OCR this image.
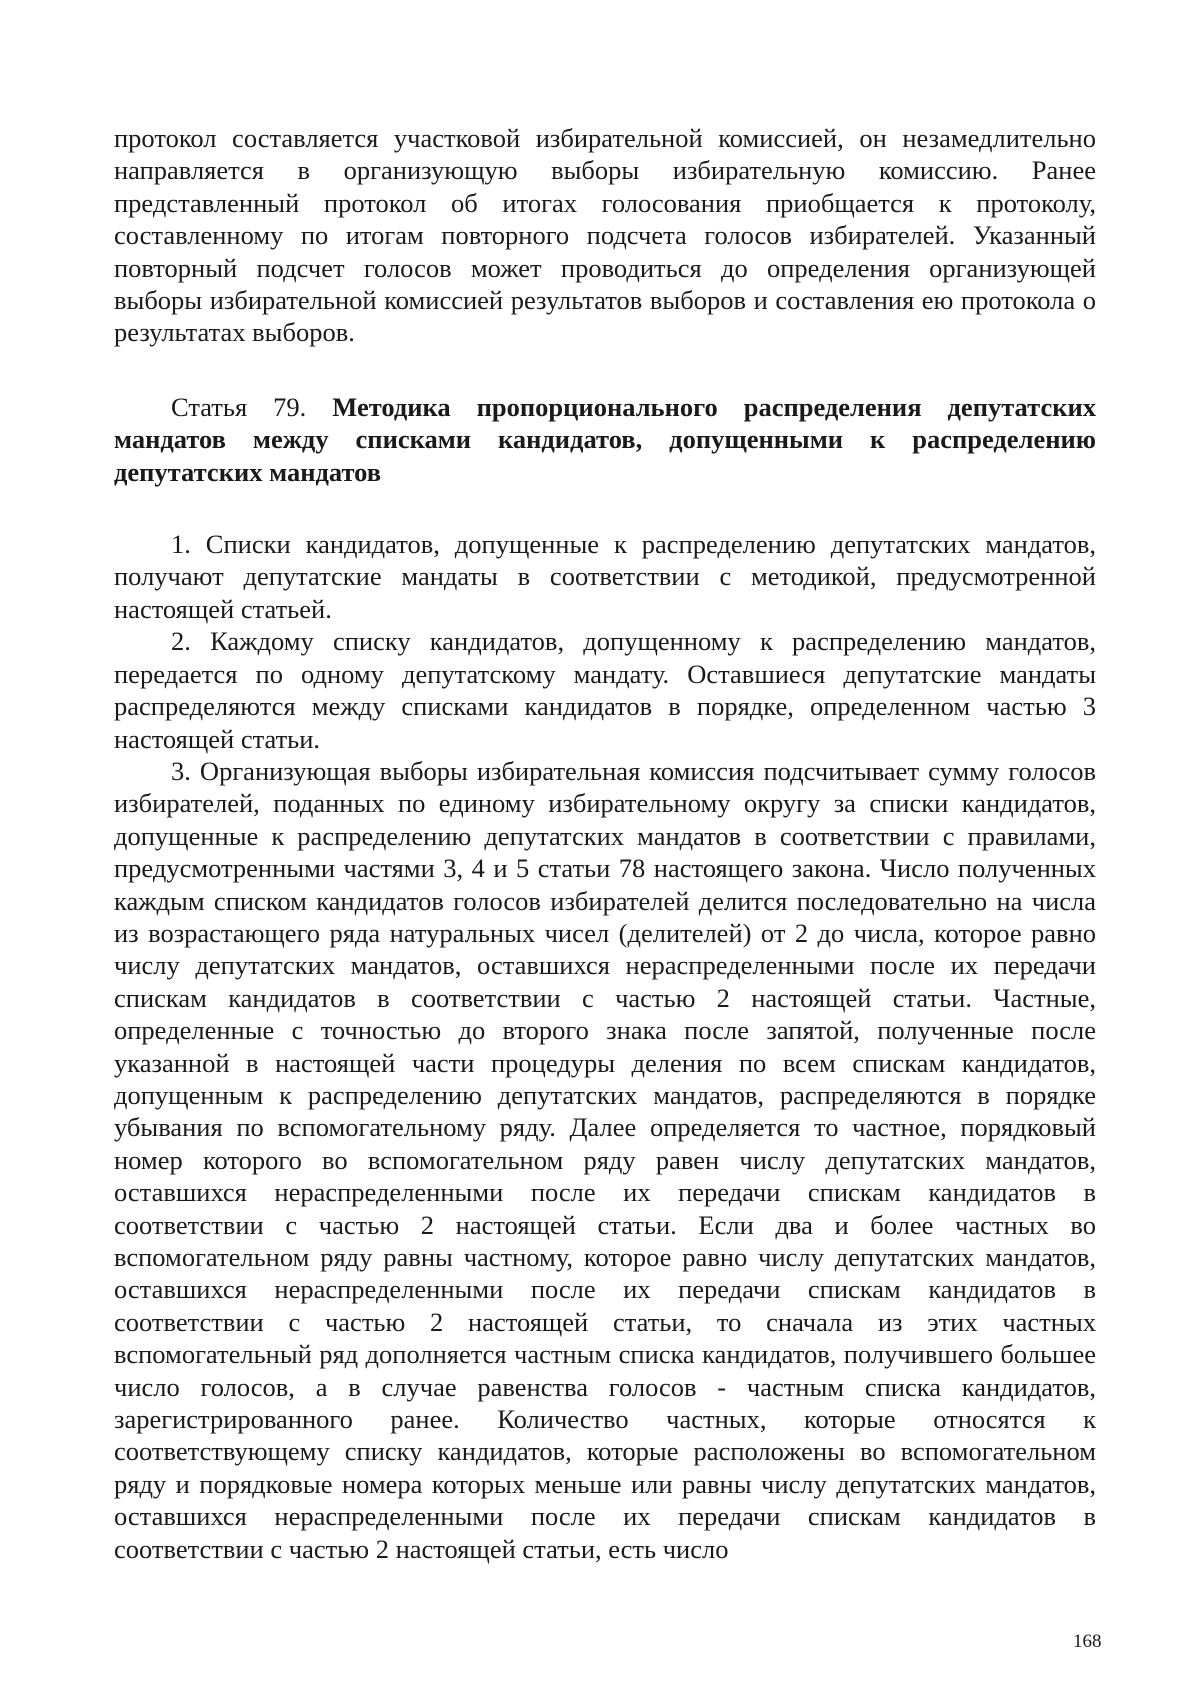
протокол составляется участковой избирательной комиссией, он незамедлительно направляется в организующую выборы избирательную комиссию. Ранее представленный протокол об итогах голосования приобщается к протоколу, составленному по итогам повторного подсчета голосов избирателей. Указанный повторный подсчет голосов может проводиться до определения организующей выборы избирательной комиссией результатов выборов и составления ею протокола о результатах выборов.

Статья 79. Методика пропорционального распределения депутатских мандатов между списками кандидатов, допущенными к распределению депутатских мандатов

1. Списки кандидатов, допущенные к распределению депутатских мандатов, получают депутатские мандаты в соответствии с методикой, предусмотренной настоящей статьей.

2. Каждому списку кандидатов, допущенному к распределению мандатов, передается по одному депутатскому мандату. Оставшиеся депутатские мандаты распределяются между списками кандидатов в порядке, определенном частью 3 настоящей статьи.

3. Организующая выборы избирательная комиссия подсчитывает сумму голосов избирателей, поданных по единому избирательному округу за списки кандидатов, допущенные к распределению депутатских мандатов в соответствии с правилами, предусмотренными частями 3, 4 и 5 статьи 78 настоящего закона. Число полученных каждым списком кандидатов голосов избирателей делится последовательно на числа из возрастающего ряда натуральных чисел (делителей) от 2 до числа, которое равно числу депутатских мандатов, оставшихся нераспределенными после их передачи спискам кандидатов в соответствии с частью 2 настоящей статьи. Частные, определенные с точностью до второго знака после запятой, полученные после указанной в настоящей части процедуры деления по всем спискам кандидатов, допущенным к распределению депутатских мандатов, распределяются в порядке убывания по вспомогательному ряду. Далее определяется то частное, порядковый номер которого во вспомогательном ряду равен числу депутатских мандатов, оставшихся нераспределенными после их передачи спискам кандидатов в соответствии с частью 2 настоящей статьи. Если два и более частных во вспомогательном ряду равны частному, которое равно числу депутатских мандатов, оставшихся нераспределенными после их передачи спискам кандидатов в соответствии с частью 2 настоящей статьи, то сначала из этих частных вспомогательный ряд дополняется частным списка кандидатов, получившего большее число голосов, а в случае равенства голосов - частным списка кандидатов, зарегистрированного ранее. Количество частных, которые относятся к соответствующему списку кандидатов, которые расположены во вспомогательном ряду и порядковые номера которых меньше или равны числу депутатских мандатов, оставшихся нераспределенными после их передачи спискам кандидатов в соответствии с частью 2 настоящей статьи, есть число

168
